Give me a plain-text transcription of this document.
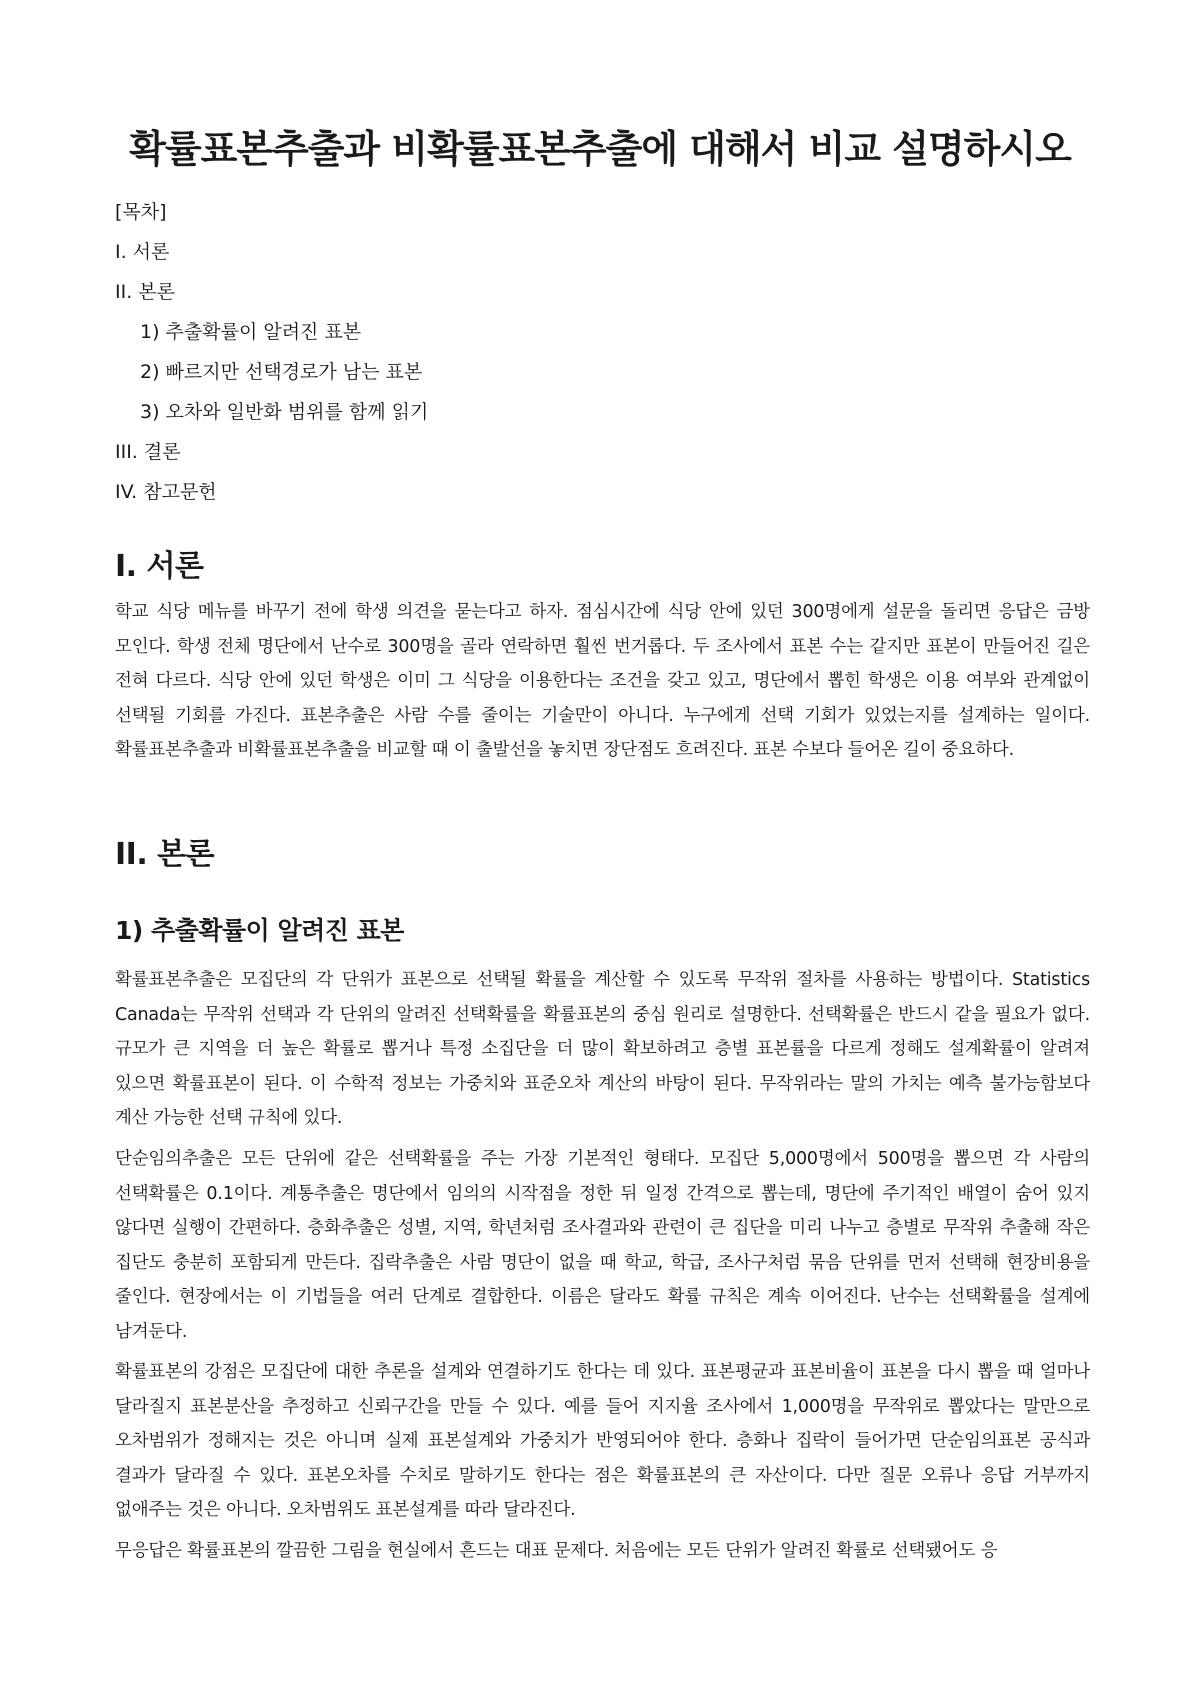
확률표본추출과 비확률표본추출에 대해서 비교 설명하시오
[목차]
I. 서론
II. 본론
1) 추출확률이 알려진 표본
2) 빠르지만 선택경로가 남는 표본
3) 오차와 일반화 범위를 함께 읽기
III. 결론
IV. 참고문헌
I. 서론

학교 식당 메뉴를 바꾸기 전에 학생 의견을 묻는다고 하자. 점심시간에 식당 안에 있던 300명에게 설문을 돌리면 응답은 금방 모인다. 학생 전체 명단에서 난수로 300명을 골라 연락하면 훨씬 번거롭다. 두 조사에서 표본 수는 같지만 표본이 만들어진 길은 전혀 다르다. 식당 안에 있던 학생은 이미 그 식당을 이용한다는 조건을 갖고 있고, 명단에서 뽑힌 학생은 이용 여부와 관계없이 선택될 기회를 가진다. 표본추출은 사람 수를 줄이는 기술만이 아니다. 누구에게 선택 기회가 있었는지를 설계하는 일이다. 확률표본추출과 비확률표본추출을 비교할 때 이 출발선을 놓치면 장단점도 흐려진다. 표본 수보다 들어온 길이 중요하다.

II. 본론
1) 추출확률이 알려진 표본

확률표본추출은 모집단의 각 단위가 표본으로 선택될 확률을 계산할 수 있도록 무작위 절차를 사용하는 방법이다. Statistics Canada는 무작위 선택과 각 단위의 알려진 선택확률을 확률표본의 중심 원리로 설명한다. 선택확률은 반드시 같을 필요가 없다. 규모가 큰 지역을 더 높은 확률로 뽑거나 특정 소집단을 더 많이 확보하려고 층별 표본률을 다르게 정해도 설계확률이 알려져 있으면 확률표본이 된다. 이 수학적 정보는 가중치와 표준오차 계산의 바탕이 된다. 무작위라는 말의 가치는 예측 불가능함보다 계산 가능한 선택 규칙에 있다.

단순임의추출은 모든 단위에 같은 선택확률을 주는 가장 기본적인 형태다. 모집단 5,000명에서 500명을 뽑으면 각 사람의 선택확률은 0.1이다. 계통추출은 명단에서 임의의 시작점을 정한 뒤 일정 간격으로 뽑는데, 명단에 주기적인 배열이 숨어 있지 않다면 실행이 간편하다. 층화추출은 성별, 지역, 학년처럼 조사결과와 관련이 큰 집단을 미리 나누고 층별로 무작위 추출해 작은 집단도 충분히 포함되게 만든다. 집락추출은 사람 명단이 없을 때 학교, 학급, 조사구처럼 묶음 단위를 먼저 선택해 현장비용을 줄인다. 현장에서는 이 기법들을 여러 단계로 결합한다. 이름은 달라도 확률 규칙은 계속 이어진다. 난수는 선택확률을 설계에 남겨둔다.

확률표본의 강점은 모집단에 대한 추론을 설계와 연결하기도 한다는 데 있다. 표본평균과 표본비율이 표본을 다시 뽑을 때 얼마나 달라질지 표본분산을 추정하고 신뢰구간을 만들 수 있다. 예를 들어 지지율 조사에서 1,000명을 무작위로 뽑았다는 말만으로 오차범위가 정해지는 것은 아니며 실제 표본설계와 가중치가 반영되어야 한다. 층화나 집락이 들어가면 단순임의표본 공식과 결과가 달라질 수 있다. 표본오차를 수치로 말하기도 한다는 점은 확률표본의 큰 자산이다. 다만 질문 오류나 응답 거부까지 없애주는 것은 아니다. 오차범위도 표본설계를 따라 달라진다.

무응답은 확률표본의 깔끔한 그림을 현실에서 흔드는 대표 문제다. 처음에는 모든 단위가 알려진 확률로 선택됐어도 응
